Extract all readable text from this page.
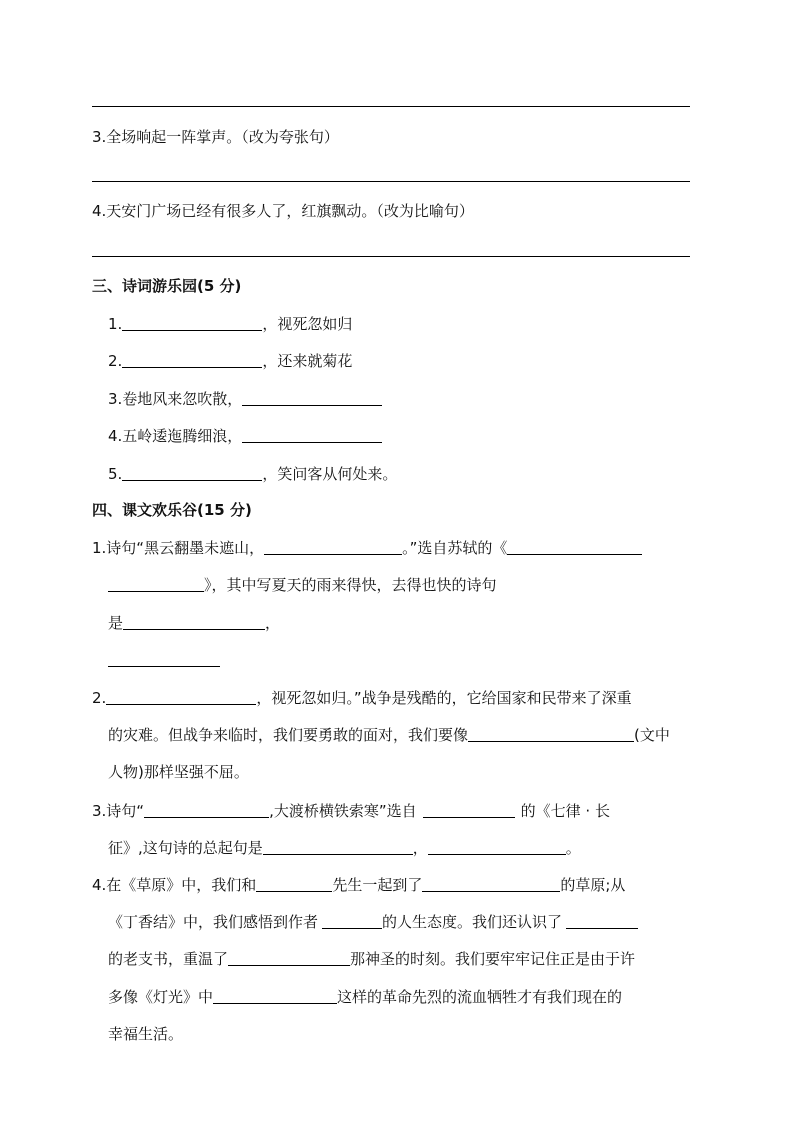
3.全场响起一阵掌声。（改为夸张句）
4.天安门广场已经有很多人了，红旗飘动。（改为比喻句）
三、诗词游乐园(5 分)
1.	，视死忽如归
2.	，还来就菊花
3.卷地风来忽吹散，
4.五岭逶迤腾细浪，
5.	，笑问客从何处来。
四、课文欢乐谷(15 分)
1.诗句“黑云翻墨未遮山，	。”选自苏轼的《
》，其中写夏天的雨来得快，去得也快的诗句
是	，
2.	，视死忽如归。”战争是残酷的，它给国家和民带来了深重
的灾难。但战争来临时，我们要勇敢的面对，我们要像	(文中
人物)那样坚强不屈。
3.诗句“	,大渡桥横铁索寒”选自	的《七律 · 长
征》,这句诗的总起句是	，	。
4.在《草原》中，我们和	先生一起到了	的草原;从
《丁香结》中，我们感悟到作者	的人生态度。我们还认识了
的老支书，重温了	那神圣的时刻。我们要牢牢记住正是由于许
多像《灯光》中	这样的革命先烈的流血牺牲才有我们现在的
幸福生活。
